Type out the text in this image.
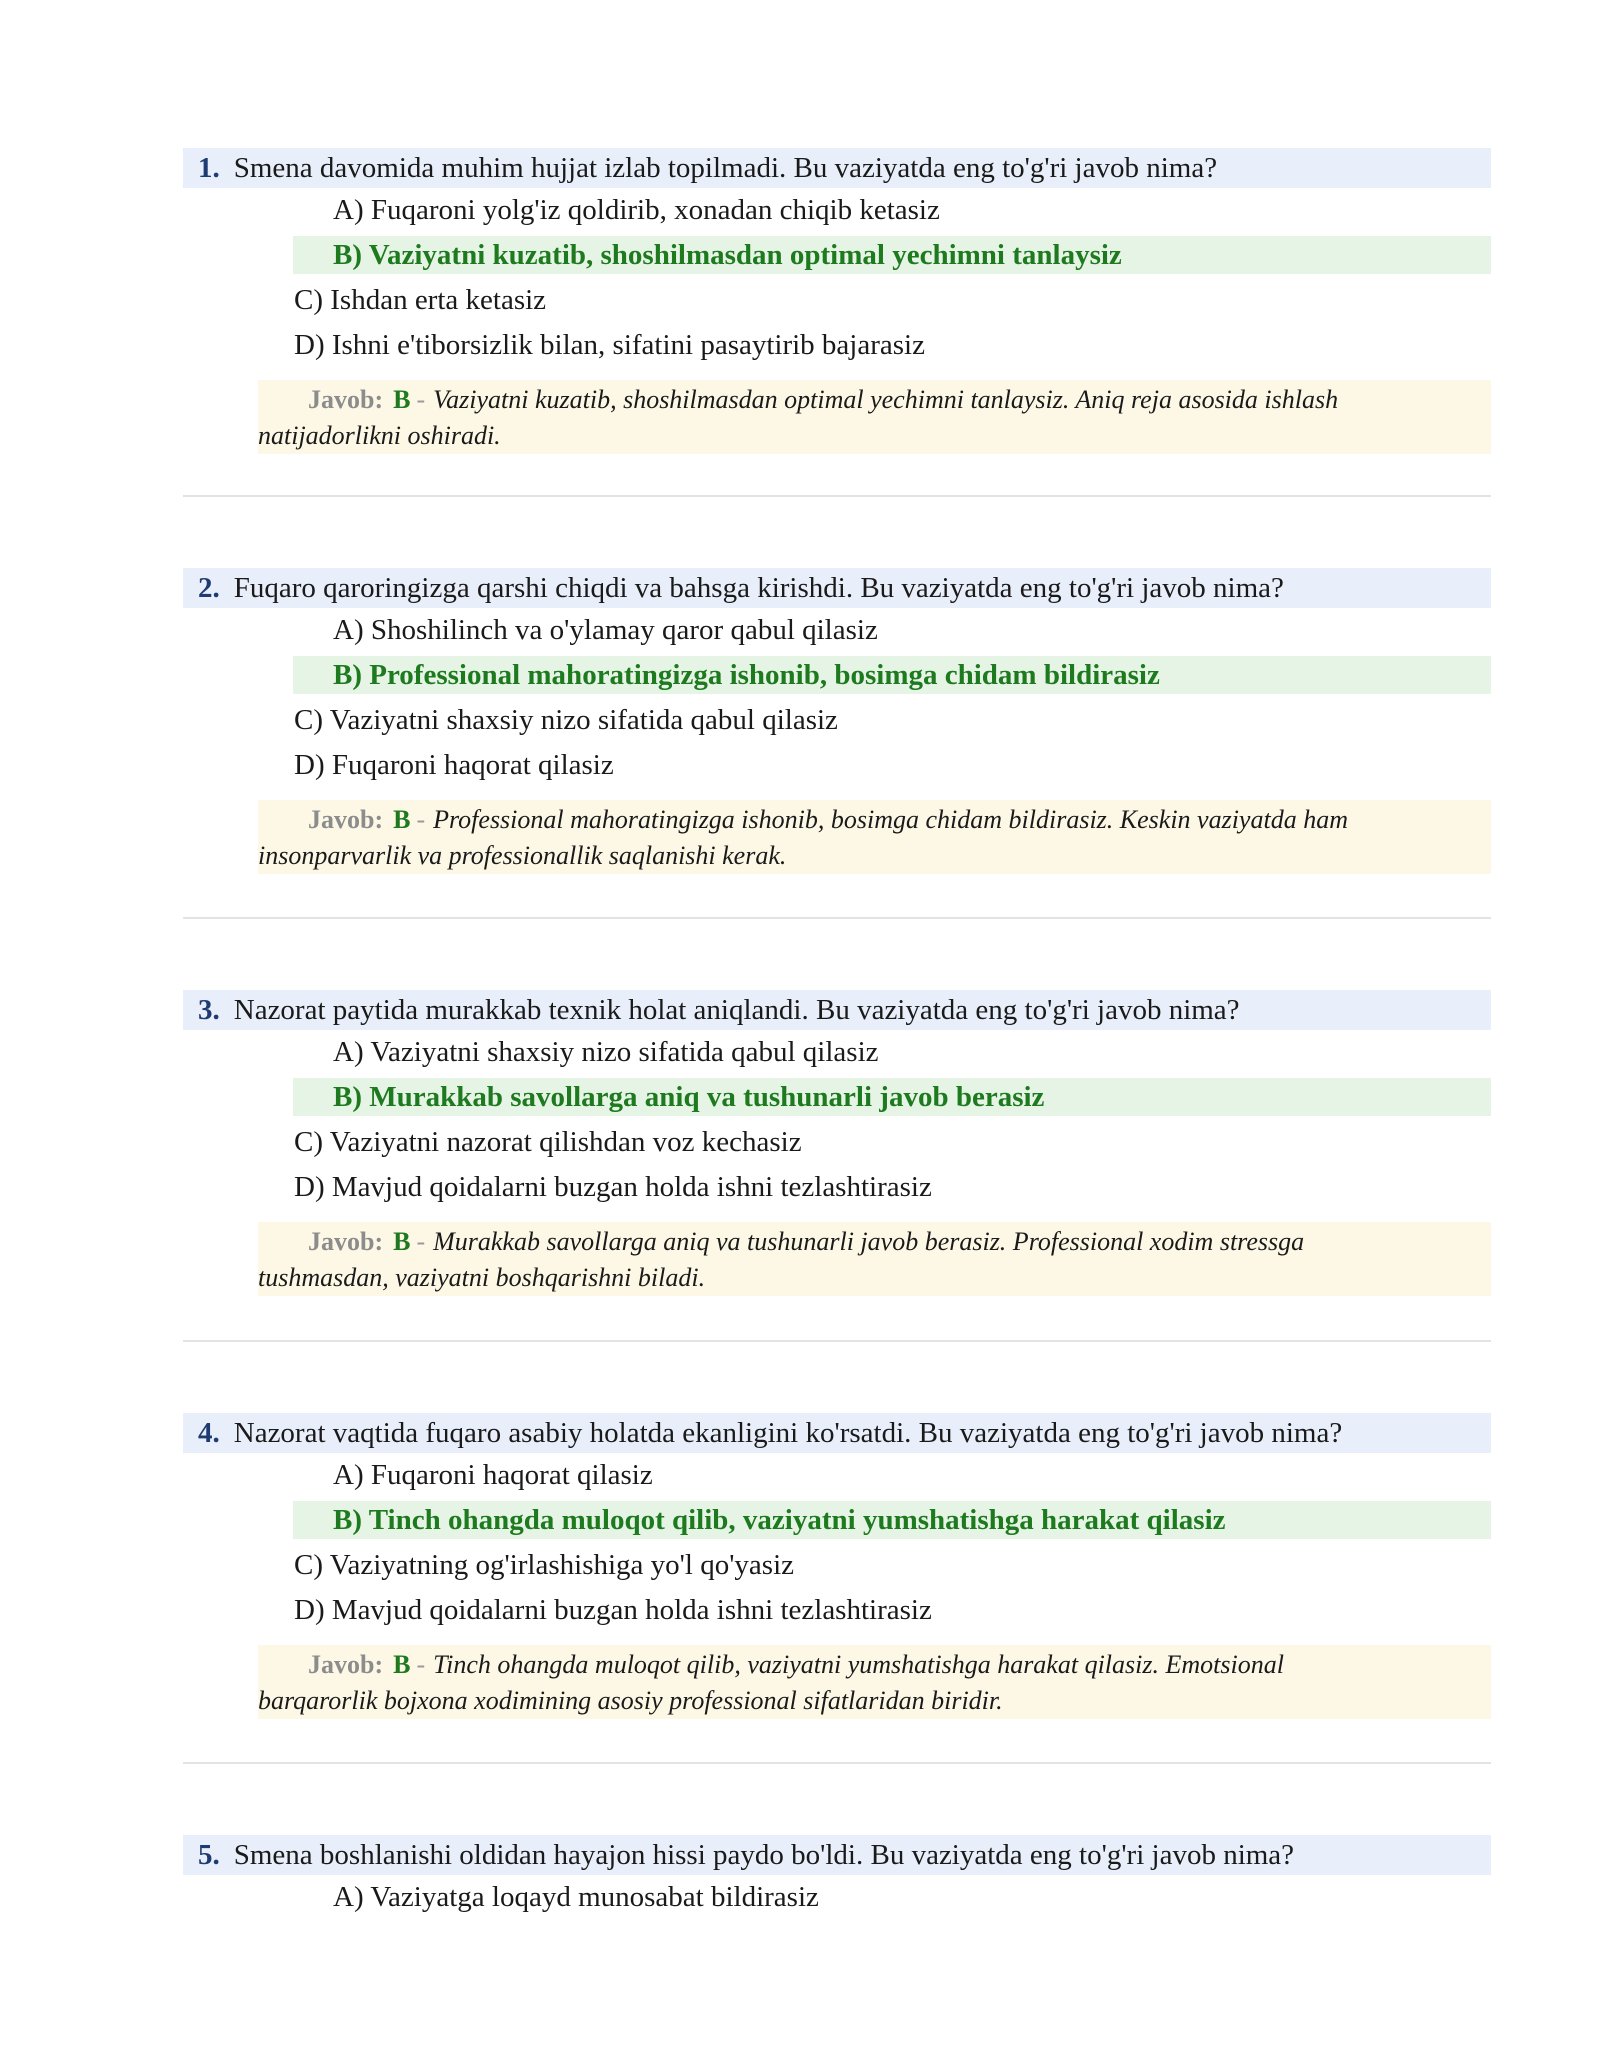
1. Smena davomida muhim hujjat izlab topilmadi. Bu vaziyatda eng to'g'ri javob nima?
A) Fuqaroni yolg'iz qoldirib, xonadan chiqib ketasiz
B) Vaziyatni kuzatib, shoshilmasdan optimal yechimni tanlaysiz
C) Ishdan erta ketasiz
D) Ishni e'tiborsizlik bilan, sifatini pasaytirib bajarasiz
Javob: B - Vaziyatni kuzatib, shoshilmasdan optimal yechimni tanlaysiz. Aniq reja asosida ishlash
natijadorlikni oshiradi.
2. Fuqaro qaroringizga qarshi chiqdi va bahsga kirishdi. Bu vaziyatda eng to'g'ri javob nima?
A) Shoshilinch va o'ylamay qaror qabul qilasiz
B) Professional mahoratingizga ishonib, bosimga chidam bildirasiz
C) Vaziyatni shaxsiy nizo sifatida qabul qilasiz
D) Fuqaroni haqorat qilasiz
Javob: B - Professional mahoratingizga ishonib, bosimga chidam bildirasiz. Keskin vaziyatda ham
insonparvarlik va professionallik saqlanishi kerak.
3. Nazorat paytida murakkab texnik holat aniqlandi. Bu vaziyatda eng to'g'ri javob nima?
A) Vaziyatni shaxsiy nizo sifatida qabul qilasiz
B) Murakkab savollarga aniq va tushunarli javob berasiz
C) Vaziyatni nazorat qilishdan voz kechasiz
D) Mavjud qoidalarni buzgan holda ishni tezlashtirasiz
Javob: B - Murakkab savollarga aniq va tushunarli javob berasiz. Professional xodim stressga
tushmasdan, vaziyatni boshqarishni biladi.
4. Nazorat vaqtida fuqaro asabiy holatda ekanligini ko'rsatdi. Bu vaziyatda eng to'g'ri javob nima?
A) Fuqaroni haqorat qilasiz
B) Tinch ohangda muloqot qilib, vaziyatni yumshatishga harakat qilasiz
C) Vaziyatning og'irlashishiga yo'l qo'yasiz
D) Mavjud qoidalarni buzgan holda ishni tezlashtirasiz
Javob: B - Tinch ohangda muloqot qilib, vaziyatni yumshatishga harakat qilasiz. Emotsional
barqarorlik bojxona xodimining asosiy professional sifatlaridan biridir.
5. Smena boshlanishi oldidan hayajon hissi paydo bo'ldi. Bu vaziyatda eng to'g'ri javob nima?
A) Vaziyatga loqayd munosabat bildirasiz
